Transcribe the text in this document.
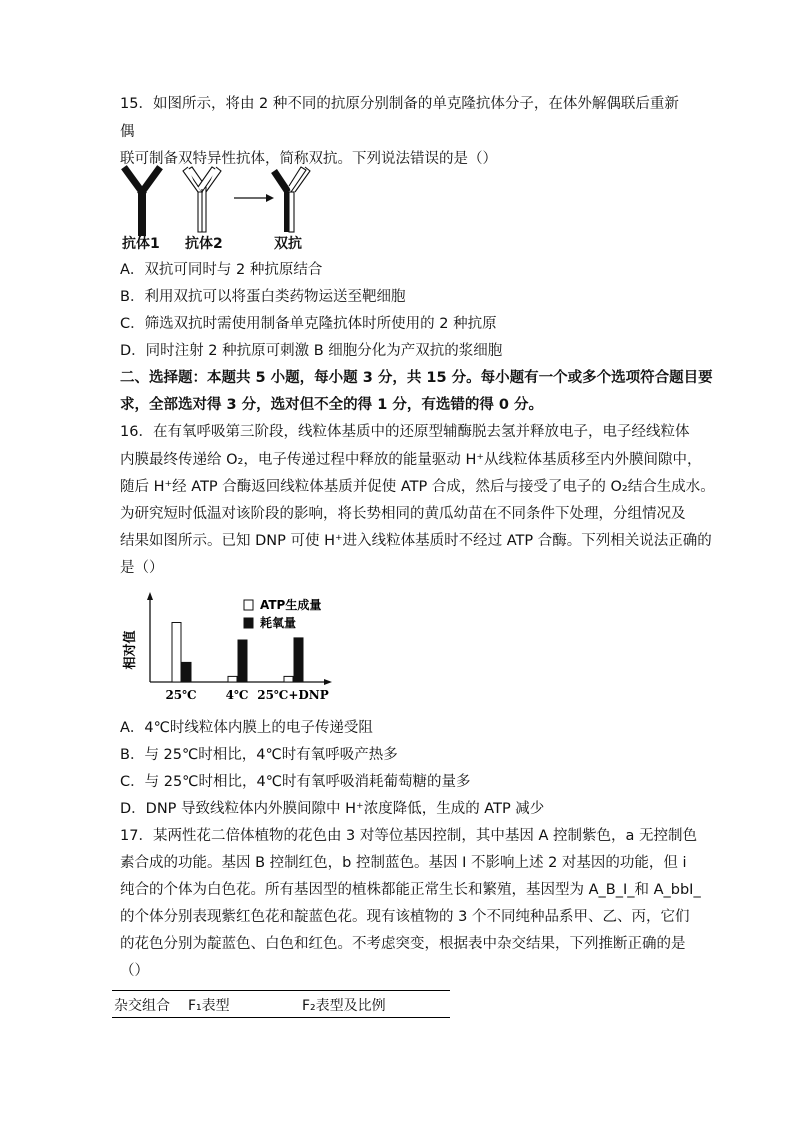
15．如图所示，将由 2 种不同的抗原分别制备的单克隆抗体分子，在体外解偶联后重新偶
联可制备双特异性抗体，简称双抗。下列说法错误的是（）
抗体1 抗体2	双抗
A．双抗可同时与 2 种抗原结合
B．利用双抗可以将蛋白类药物运送至靶细胞
C．筛选双抗时需使用制备单克隆抗体时所使用的 2 种抗原
D．同时注射 2 种抗原可刺激 B 细胞分化为产双抗的浆细胞
二、选择题：本题共 5 小题，每小题 3 分，共 15 分。每小题有一个或多个选项符合题目要
求，全部选对得 3 分，选对但不全的得 1 分，有选错的得 0 分。
16．在有氧呼吸第三阶段，线粒体基质中的还原型辅酶脱去氢并释放电子，电子经线粒体
内膜最终传递给 O₂，电子传递过程中释放的能量驱动 H⁺从线粒体基质移至内外膜间隙中，
随后 H⁺经 ATP 合酶返回线粒体基质并促使 ATP 合成，然后与接受了电子的 O₂结合生成水。
为研究短时低温对该阶段的影响，将长势相同的黄瓜幼苗在不同条件下处理，分组情况及
结果如图所示。已知 DNP 可使 H⁺进入线粒体基质时不经过 ATP 合酶。下列相关说法正确的
是（）
相对值
25℃ 4℃ 25℃+DNP
ATP生成量
耗氧量
A．4℃时线粒体内膜上的电子传递受阻
B．与 25℃时相比，4℃时有氧呼吸产热多
C．与 25℃时相比，4℃时有氧呼吸消耗葡萄糖的量多
D．DNP 导致线粒体内外膜间隙中 H⁺浓度降低，生成的 ATP 减少
17．某两性花二倍体植物的花色由 3 对等位基因控制，其中基因 A 控制紫色，a 无控制色
素合成的功能。基因 B 控制红色，b 控制蓝色。基因 I 不影响上述 2 对基因的功能，但 i
纯合的个体为白色花。所有基因型的植株都能正常生长和繁殖，基因型为 A_B_I_和 A_bbI_
的个体分别表现紫红色花和靛蓝色花。现有该植物的 3 个不同纯种品系甲、乙、丙，它们
的花色分别为靛蓝色、白色和红色。不考虑突变，根据表中杂交结果，下列推断正确的是
（）
杂交组合 F₁表型	F₂表型及比例
